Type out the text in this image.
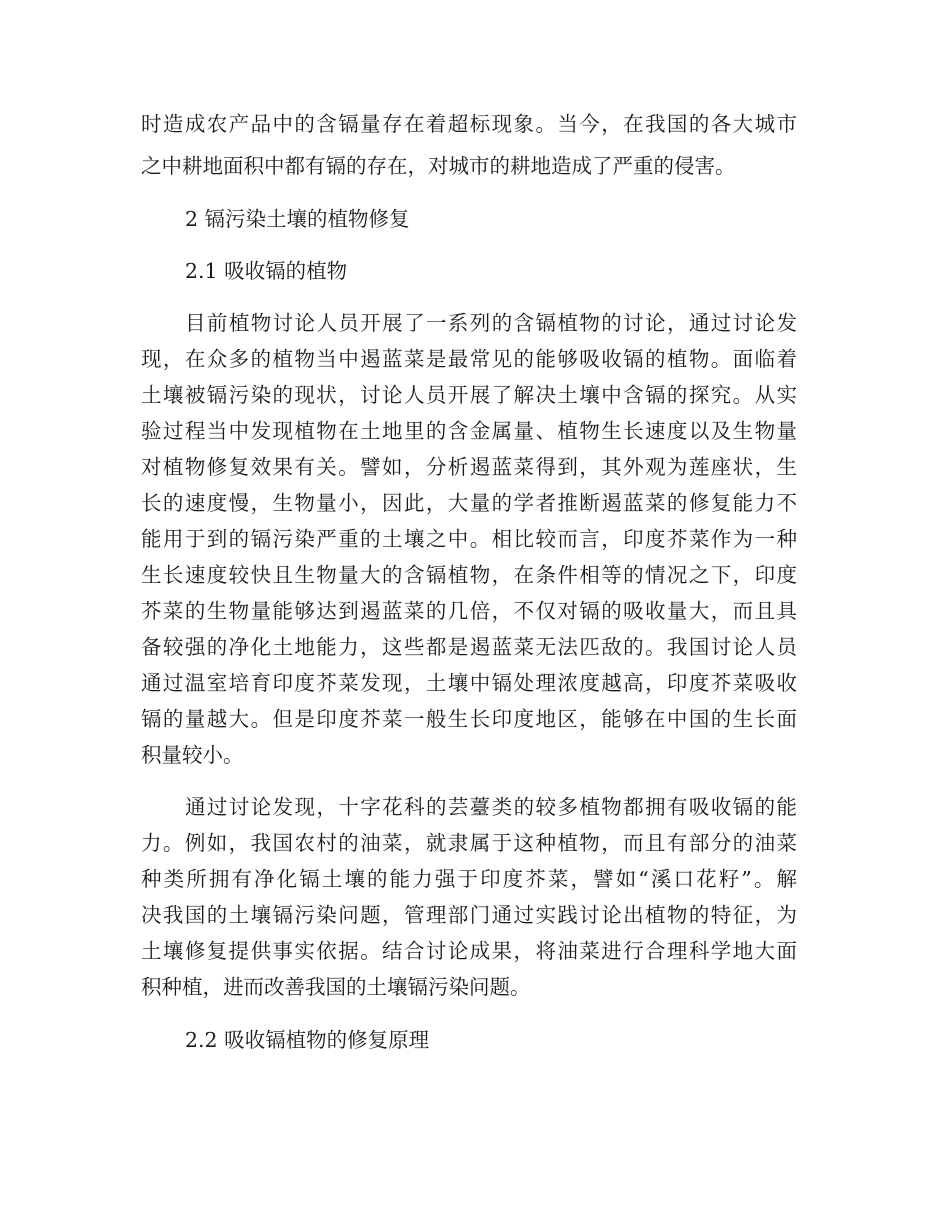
时造成农产品中的含镉量存在着超标现象。当今，在我国的各大城市
之中耕地面积中都有镉的存在，对城市的耕地造成了严重的侵害。
2 镉污染土壤的植物修复
2.1 吸收镉的植物
目前植物讨论人员开展了一系列的含镉植物的讨论，通过讨论发
现，在众多的植物当中遏蓝菜是最常见的能够吸收镉的植物。面临着
土壤被镉污染的现状，讨论人员开展了解决土壤中含镉的探究。从实
验过程当中发现植物在土地里的含金属量、植物生长速度以及生物量
对植物修复效果有关。譬如，分析遏蓝菜得到，其外观为莲座状，生
长的速度慢，生物量小，因此，大量的学者推断遏蓝菜的修复能力不
能用于到的镉污染严重的土壤之中。相比较而言，印度芥菜作为一种
生长速度较快且生物量大的含镉植物，在条件相等的情况之下，印度
芥菜的生物量能够达到遏蓝菜的几倍，不仅对镉的吸收量大，而且具
备较强的净化土地能力，这些都是遏蓝菜无法匹敌的。我国讨论人员
通过温室培育印度芥菜发现，土壤中镉处理浓度越高，印度芥菜吸收
镉的量越大。但是印度芥菜一般生长印度地区，能够在中国的生长面
积量较小。
通过讨论发现，十字花科的芸薹类的较多植物都拥有吸收镉的能
力。例如，我国农村的油菜，就隶属于这种植物，而且有部分的油菜
种类所拥有净化镉土壤的能力强于印度芥菜，譬如“溪口花籽”。解
决我国的土壤镉污染问题，管理部门通过实践讨论出植物的特征，为
土壤修复提供事实依据。结合讨论成果，将油菜进行合理科学地大面
积种植，进而改善我国的土壤镉污染问题。
2.2 吸收镉植物的修复原理
